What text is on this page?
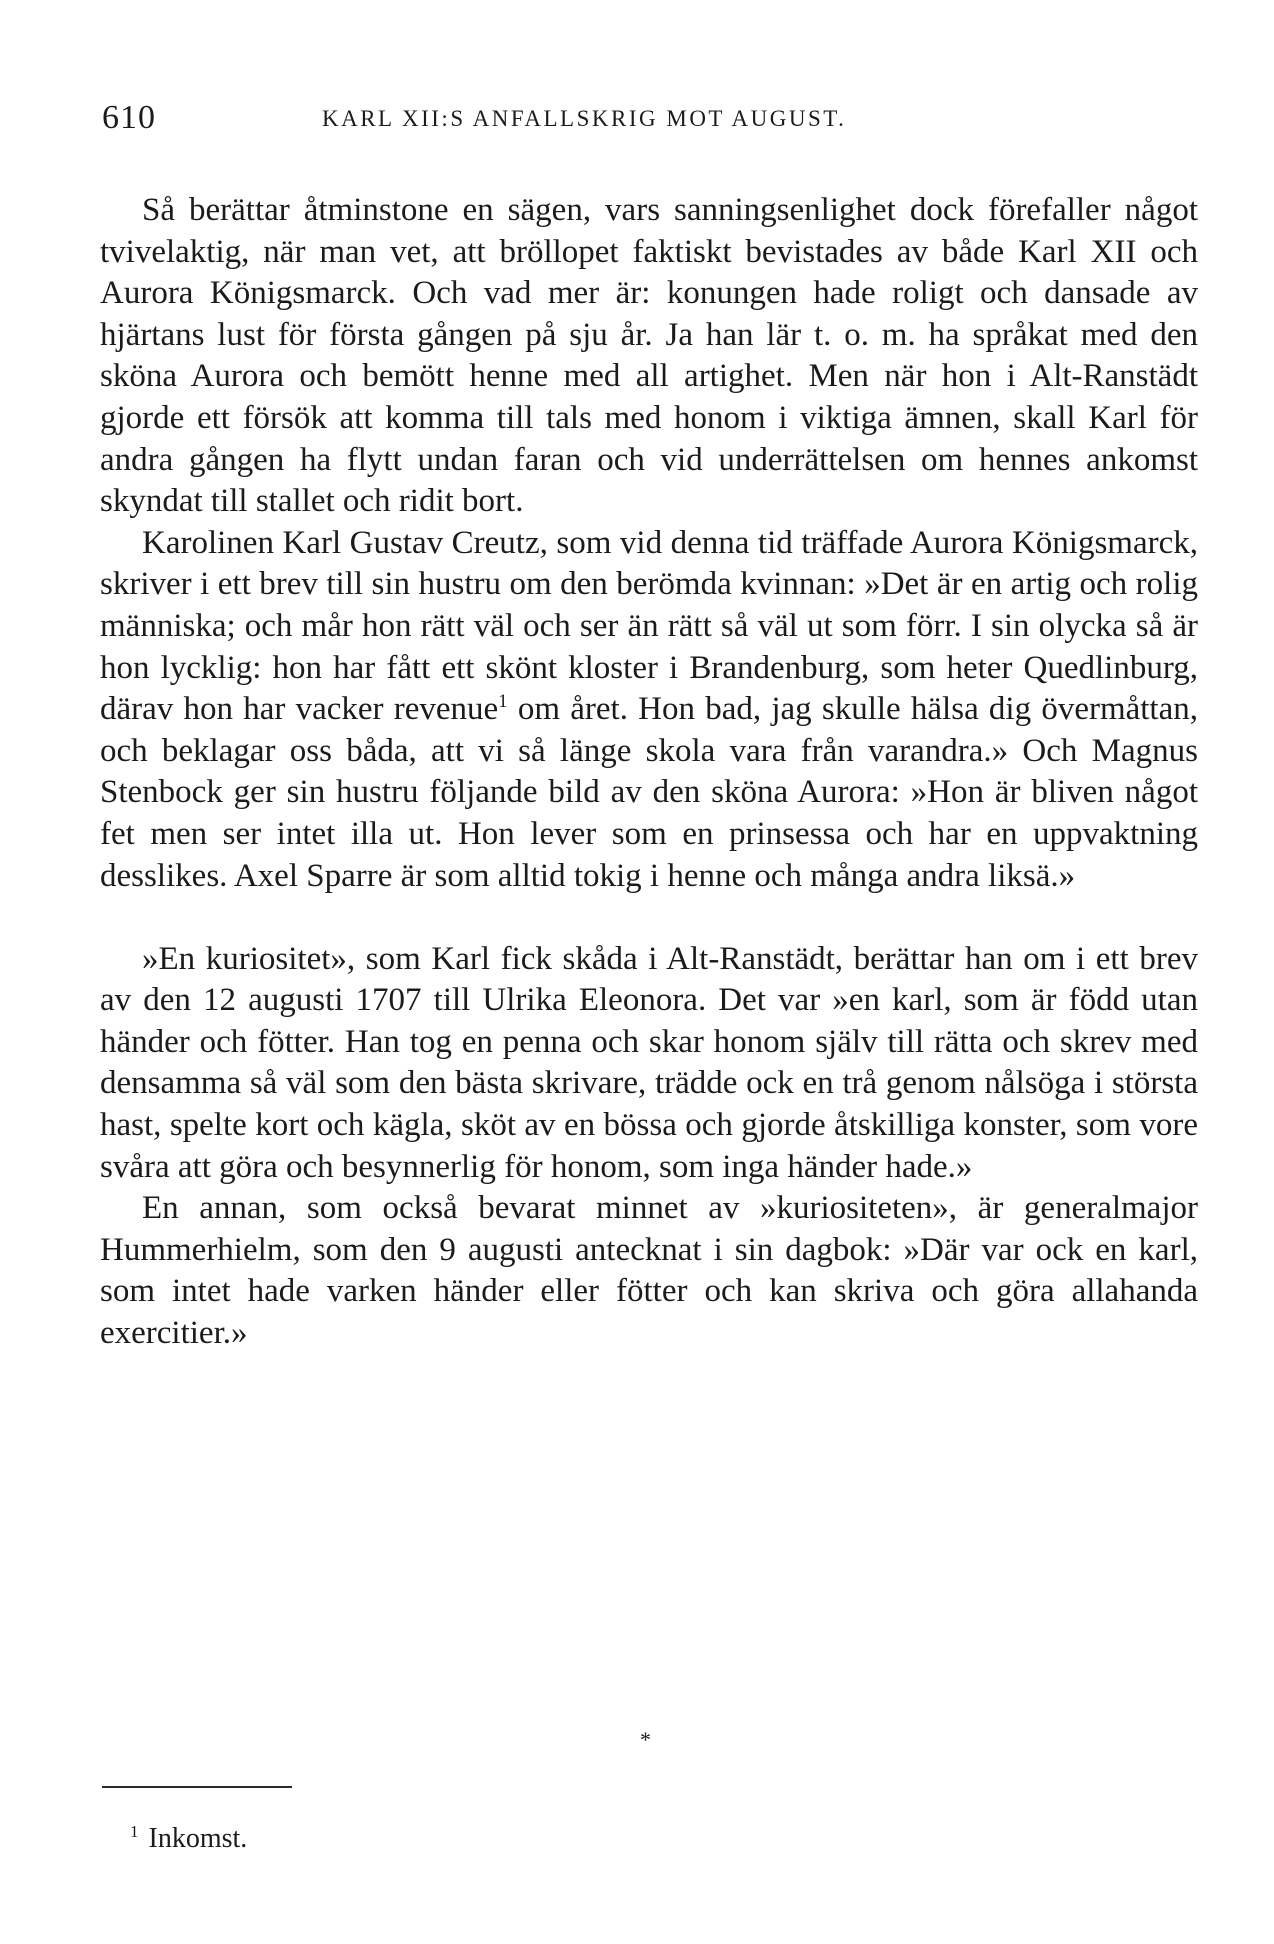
610	KARL XII:S ANFALLSKRIG MOT AUGUST.

Så berättar åtminstone en sägen, vars sanningsenlighet dock förefaller något tvivelaktig, när man vet, att bröllopet faktiskt bevistades av både Karl XII och Aurora Königsmarck. Och vad mer är: konungen hade roligt och dansade av hjärtans lust för första gången på sju år. Ja han lär t. o. m. ha språkat med den sköna Aurora och bemött henne med all artighet. Men när hon i Alt-Ranstädt gjorde ett försök att komma till tals med honom i viktiga ämnen, skall Karl för andra gången ha flytt undan faran och vid underrättelsen om hennes ankomst skyndat till stallet och ridit bort.

Karolinen Karl Gustav Creutz, som vid denna tid träffade Aurora Königsmarck, skriver i ett brev till sin hustru om den berömda kvinnan: »Det är en artig och rolig människa; och mår hon rätt väl och ser än rätt så väl ut som förr. I sin olycka så är hon lycklig: hon har fått ett skönt kloster i Brandenburg, som heter Quedlinburg, därav hon har vacker revenue$^1$ om året. Hon bad, jag skulle hälsa dig övermåttan, och beklagar oss båda, att vi så länge skola vara från varandra.» Och Magnus Stenbock ger sin hustru följande bild av den sköna Aurora: »Hon är bliven något fet men ser intet illa ut. Hon lever som en prinsessa och har en uppvaktning desslikes. Axel Sparre är som alltid tokig i henne och många andra liksä.»

»En kuriositet», som Karl fick skåda i Alt-Ranstädt, berättar han om i ett brev av den 12 augusti 1707 till Ulrika Eleonora. Det var »en karl, som är född utan händer och fötter. Han tog en penna och skar honom själv till rätta och skrev med densamma så väl som den bästa skrivare, trädde ock en trå genom nålsöga i största hast, spelte kort och kägla, sköt av en bössa och gjorde åtskilliga konster, som vore svåra att göra och besynnerlig för honom, som inga händer hade.»

En annan, som också bevarat minnet av »kuriositeten», är generalmajor Hummerhielm, som den 9 augusti antecknat i sin dagbok: »Där var ock en karl, som intet hade varken händer eller fötter och kan skriva och göra allahanda exercitier.»

*
$^1$ Inkomst.
